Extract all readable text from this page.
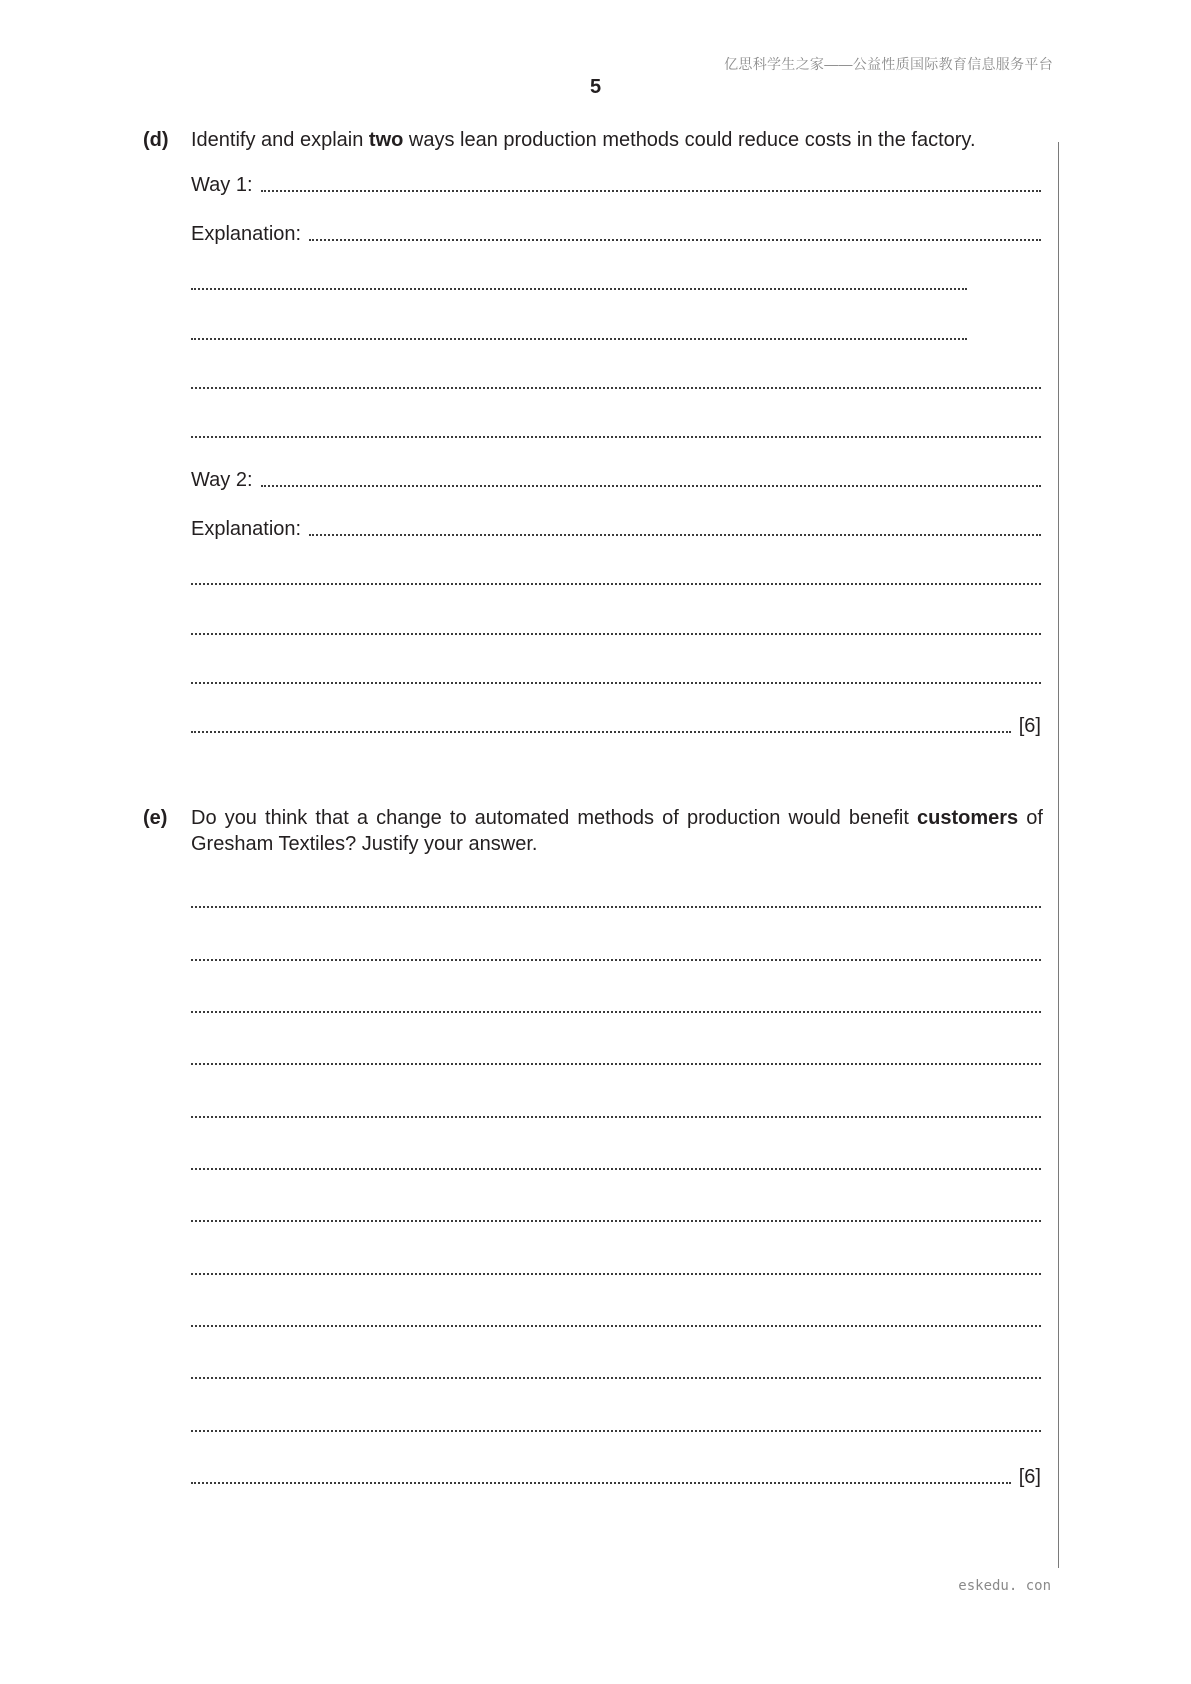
亿思科学生之家——公益性质国际教育信息服务平台
5
(d) Identify and explain two ways lean production methods could reduce costs in the factory.
Way 1:
Explanation:
Way 2:
Explanation:
[6]
(e) Do you think that a change to automated methods of production would benefit customers of Gresham Textiles? Justify your answer.
[6]
eskedu. con
